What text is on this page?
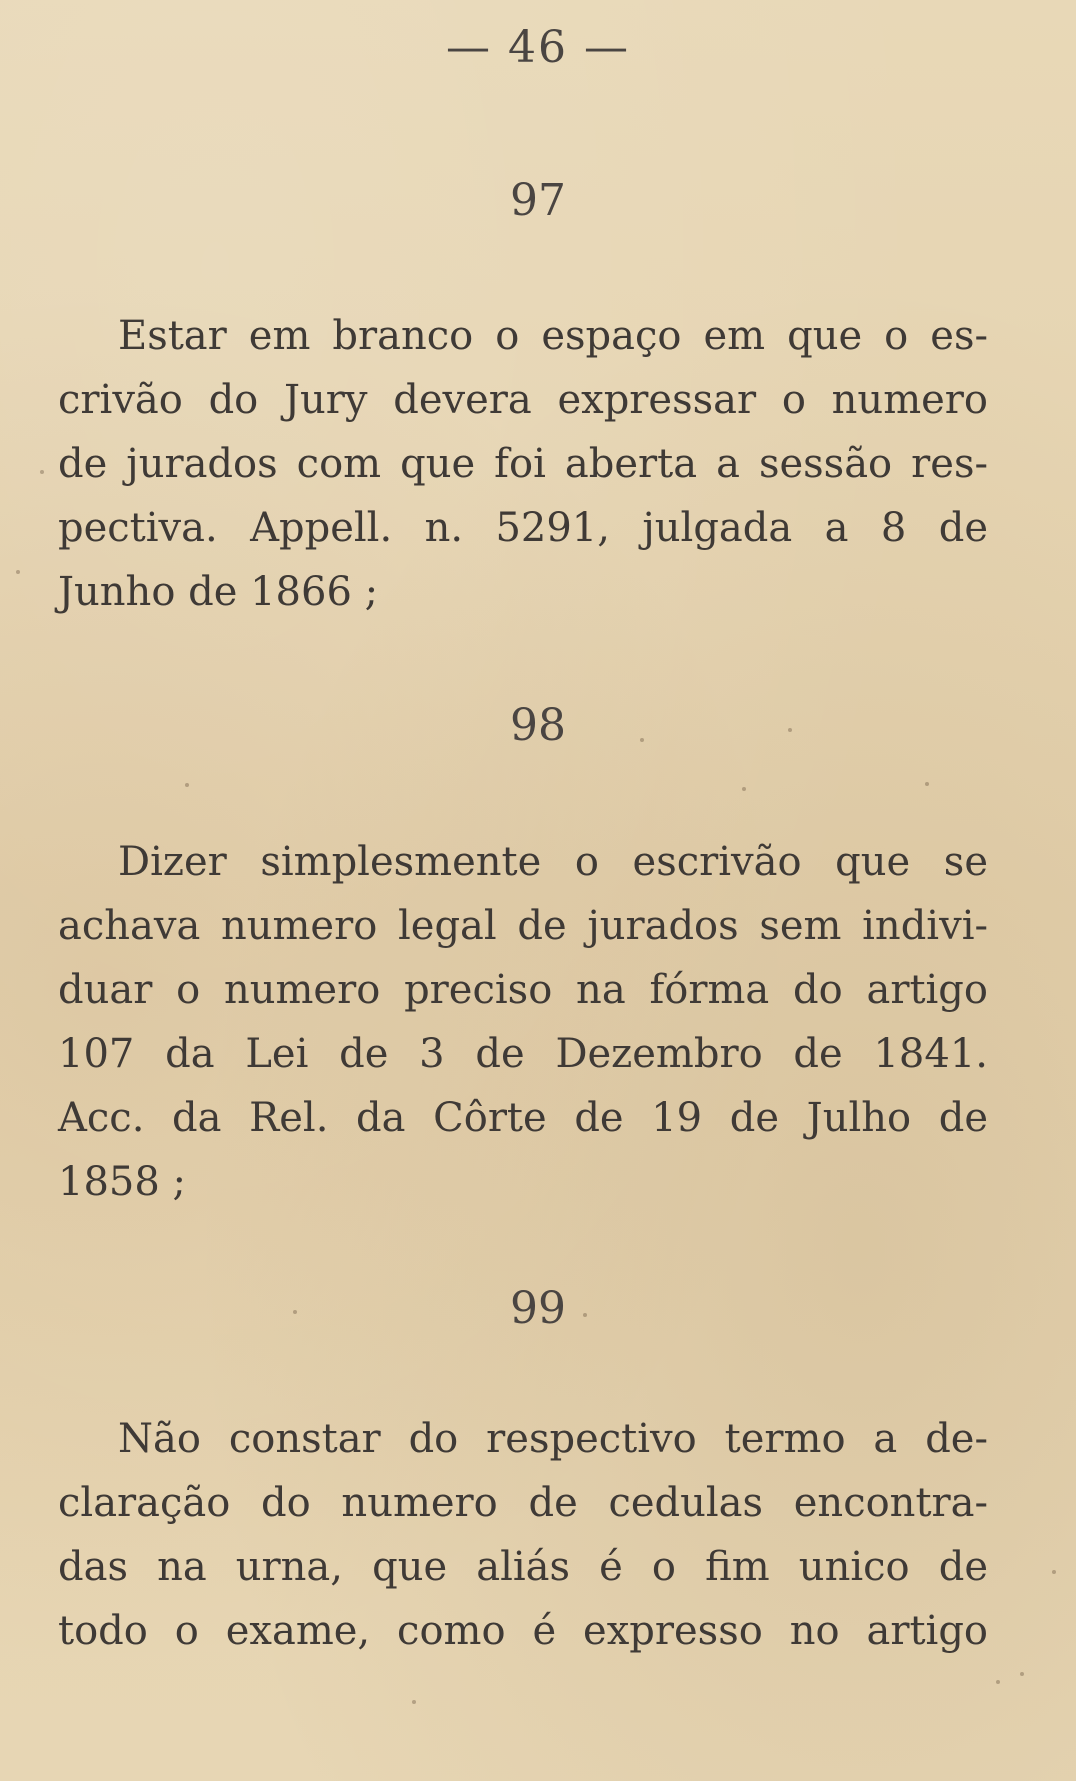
— 46 —
97
Estar em branco o espaço em que o es-
crivão do Jury devera expressar o numero
de jurados com que foi aberta a sessão res-
pectiva. Appell. n. 5291, julgada a 8 de
Junho de 1866 ;
98
Dizer simplesmente o escrivão que se
achava numero legal de jurados sem indivi-
duar o numero preciso na fórma do artigo
107 da Lei de 3 de Dezembro de 1841.
Acc. da Rel. da Côrte de 19 de Julho de
1858 ;
99
Não constar do respectivo termo a de-
claração do numero de cedulas encontra-
das na urna, que aliás é o fim unico de
todo o exame, como é expresso no artigo
